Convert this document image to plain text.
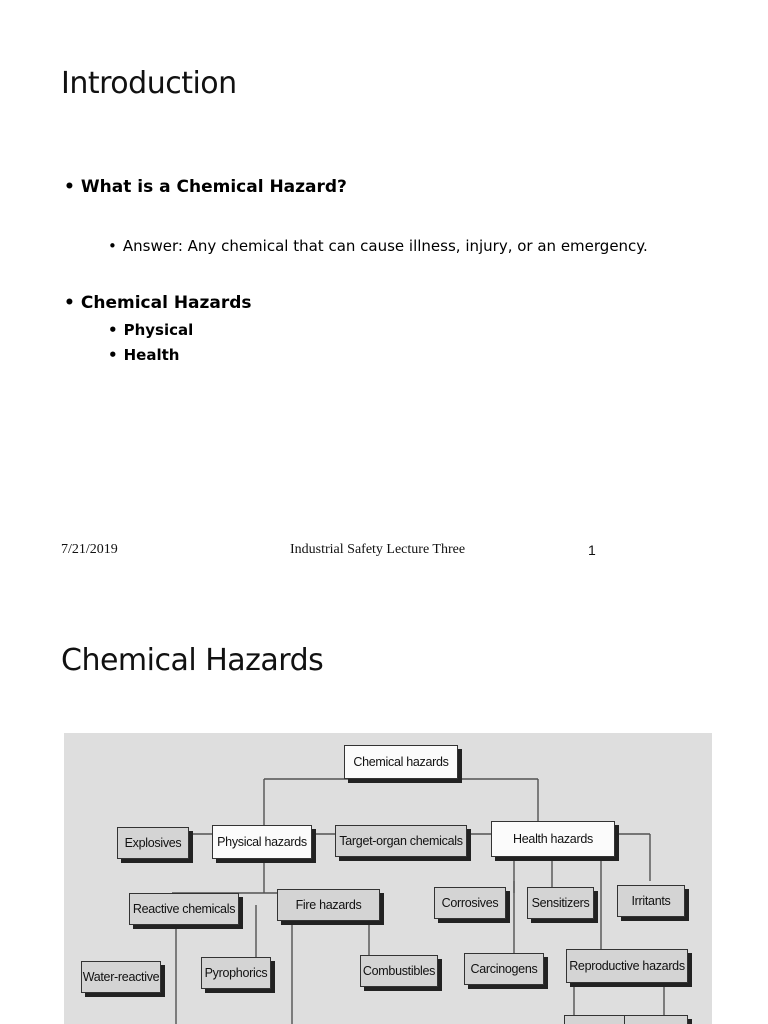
Introduction
• What is a Chemical Hazard?
• Answer: Any chemical that can cause illness, injury, or an emergency.
• Chemical Hazards
• Physical
• Health
7/21/2019	Industrial Safety Lecture Three	1
Chemical Hazards
Chemical hazards
Explosives	Physical hazards	Target-organ chemicals	Health hazards
Reactive chemicals	Fire hazards	Corrosives	Sensitizers	Irritants
Water-reactive	Pyrophorics	Combustibles	Carcinogens	Reproductive hazards
